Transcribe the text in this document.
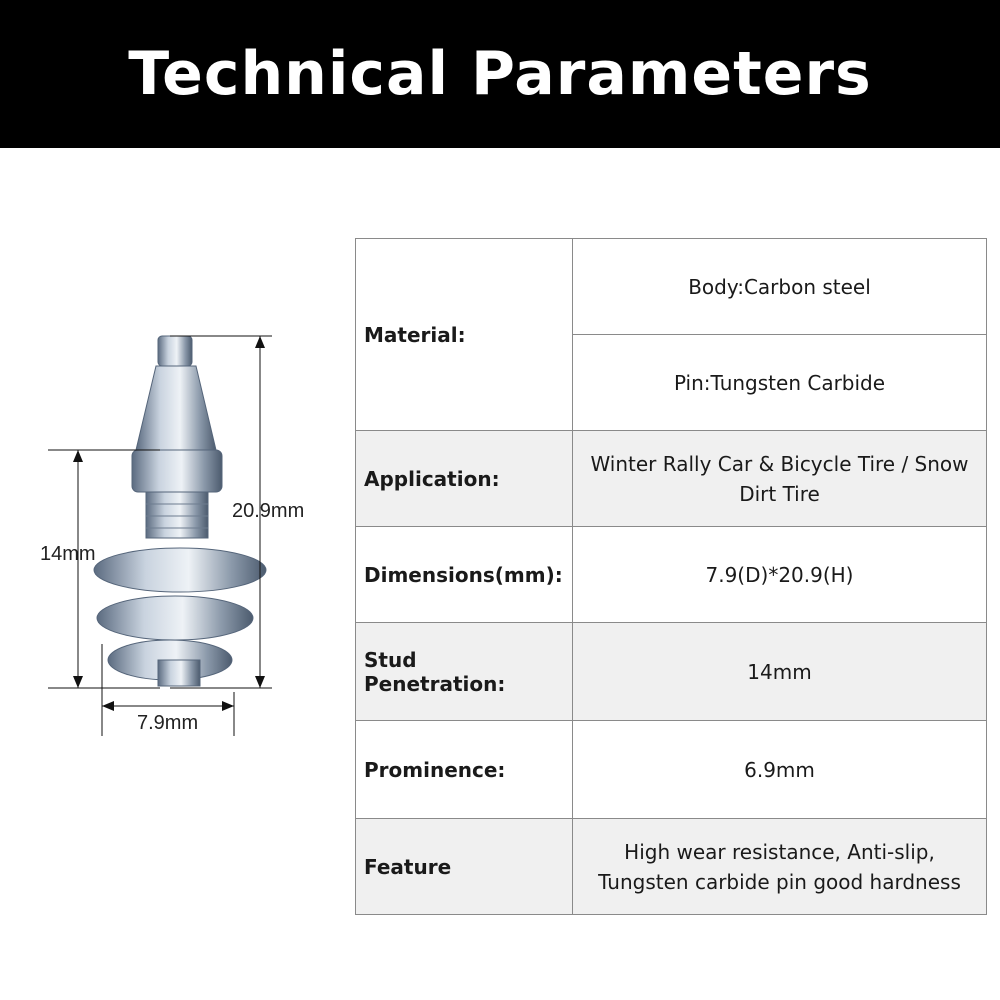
Technical Parameters
20.9mm
14mm
7.9mm
Material:	Body:Carbon steel
	Pin:Tungsten Carbide
Application:	Winter Rally Car & Bicycle Tire / Snow Dirt Tire
Dimensions(mm):	7.9(D)*20.9(H)
Stud Penetration:	14mm
Prominence:	6.9mm
Feature	High wear resistance, Anti-slip, Tungsten carbide pin good hardness
